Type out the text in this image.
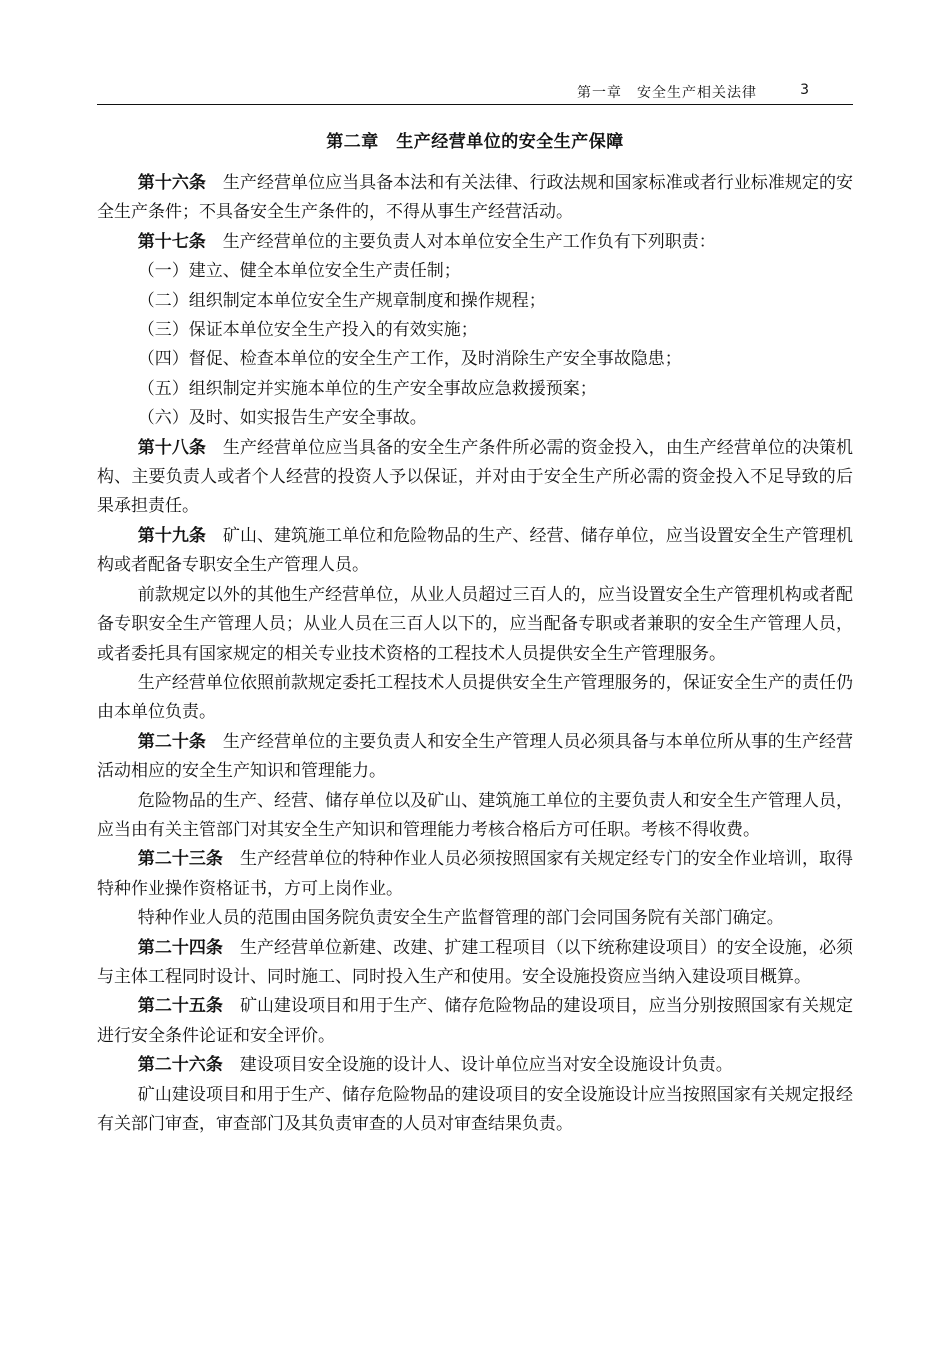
第一章　安全生产相关法律	3
第二章　生产经营单位的安全生产保障

第十六条 生产经营单位应当具备本法和有关法律、行政法规和国家标准或者行业标准规定的安全生产条件；不具备安全生产条件的，不得从事生产经营活动。

第十七条 生产经营单位的主要负责人对本单位安全生产工作负有下列职责：

（一）建立、健全本单位安全生产责任制；

（二）组织制定本单位安全生产规章制度和操作规程；

（三）保证本单位安全生产投入的有效实施；

（四）督促、检查本单位的安全生产工作，及时消除生产安全事故隐患；

（五）组织制定并实施本单位的生产安全事故应急救援预案；

（六）及时、如实报告生产安全事故。

第十八条 生产经营单位应当具备的安全生产条件所必需的资金投入，由生产经营单位的决策机构、主要负责人或者个人经营的投资人予以保证，并对由于安全生产所必需的资金投入不足导致的后果承担责任。

第十九条 矿山、建筑施工单位和危险物品的生产、经营、储存单位，应当设置安全生产管理机构或者配备专职安全生产管理人员。

前款规定以外的其他生产经营单位，从业人员超过三百人的，应当设置安全生产管理机构或者配备专职安全生产管理人员；从业人员在三百人以下的，应当配备专职或者兼职的安全生产管理人员，或者委托具有国家规定的相关专业技术资格的工程技术人员提供安全生产管理服务。

生产经营单位依照前款规定委托工程技术人员提供安全生产管理服务的，保证安全生产的责任仍由本单位负责。

第二十条 生产经营单位的主要负责人和安全生产管理人员必须具备与本单位所从事的生产经营活动相应的安全生产知识和管理能力。

危险物品的生产、经营、储存单位以及矿山、建筑施工单位的主要负责人和安全生产管理人员，应当由有关主管部门对其安全生产知识和管理能力考核合格后方可任职。考核不得收费。

第二十三条 生产经营单位的特种作业人员必须按照国家有关规定经专门的安全作业培训，取得特种作业操作资格证书，方可上岗作业。

特种作业人员的范围由国务院负责安全生产监督管理的部门会同国务院有关部门确定。

第二十四条 生产经营单位新建、改建、扩建工程项目（以下统称建设项目）的安全设施，必须与主体工程同时设计、同时施工、同时投入生产和使用。安全设施投资应当纳入建设项目概算。

第二十五条 矿山建设项目和用于生产、储存危险物品的建设项目，应当分别按照国家有关规定进行安全条件论证和安全评价。

第二十六条 建设项目安全设施的设计人、设计单位应当对安全设施设计负责。

矿山建设项目和用于生产、储存危险物品的建设项目的安全设施设计应当按照国家有关规定报经有关部门审查，审查部门及其负责审查的人员对审查结果负责。
